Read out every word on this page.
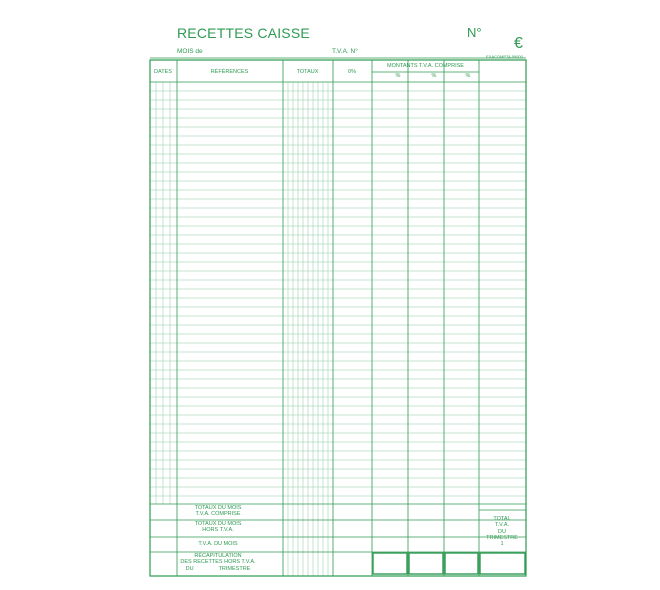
RECETTES CAISSE	N°
€
EXACOMPTA 59000
MOIS de	T.V.A. N°
DATES	RÉFÉRENCES	TOTAUX	0%
MONTANTS T.V.A. COMPRISE
%	%	%
TOTAUX DU MOIS
T.V.A. COMPRISE
TOTAUX DU MOIS
HORS T.V.A.
T.V.A. DU MOIS
RÉCAPITULATION
DES RECETTES HORS T.V.A.
DU	TRIMESTRE
TOTAL
T.V.A.
DU
TRIMESTRE
1
